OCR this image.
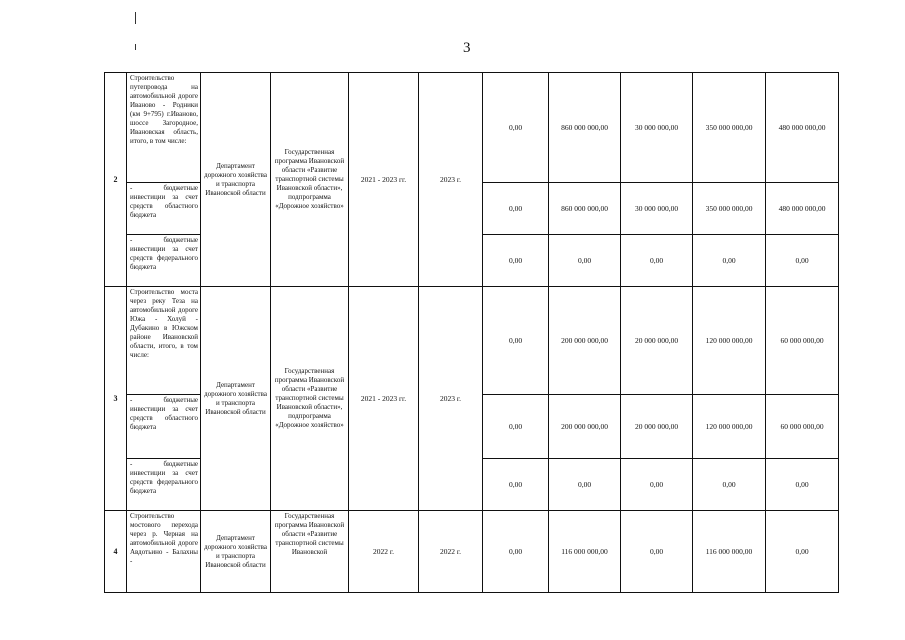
3
2	Строительство путепровода на автомобильной дороге Иваново - Родники (км 9+795) г.Иваново, шоссе Загородное, Ивановская область, итого, в том числе:	Департамент дорожного хозяйства и транспорта Ивановской области	Государственная программа Ивановской области «Развитие транспортной системы Ивановской области», подпрограмма «Дорожное хозяйство»	2021 - 2023 гг.	2023 г.	0,00	860 000 000,00	30 000 000,00	350 000 000,00	480 000 000,00
	- бюджетные инвестиции за счет средств областного бюджета					0,00	860 000 000,00	30 000 000,00	350 000 000,00	480 000 000,00
	- бюджетные инвестиции за счет средств федерального бюджета					0,00	0,00	0,00	0,00	0,00
3	Строительство моста через реку Теза на автомобильной дороге Южа - Холуй - Дубакино в Южском районе Ивановской области, итого, в том числе:	Департамент дорожного хозяйства и транспорта Ивановской области	Государственная программа Ивановской области «Развитие транспортной системы Ивановской области», подпрограмма «Дорожное хозяйство»	2021 - 2023 гг.	2023 г.	0,00	200 000 000,00	20 000 000,00	120 000 000,00	60 000 000,00
	- бюджетные инвестиции за счет средств областного бюджета					0,00	200 000 000,00	20 000 000,00	120 000 000,00	60 000 000,00
	- бюджетные инвестиции за счет средств федерального бюджета					0,00	0,00	0,00	0,00	0,00
4	Строительство мостового перехода через р. Черная на автомобильной дороге Авдотьино - Балахны -	Департамент дорожного хозяйства и транспорта Ивановской области	Государственная программа Ивановской области «Развитие транспортной системы Ивановской	2022 г.	2022 г.	0,00	116 000 000,00	0,00	116 000 000,00	0,00
